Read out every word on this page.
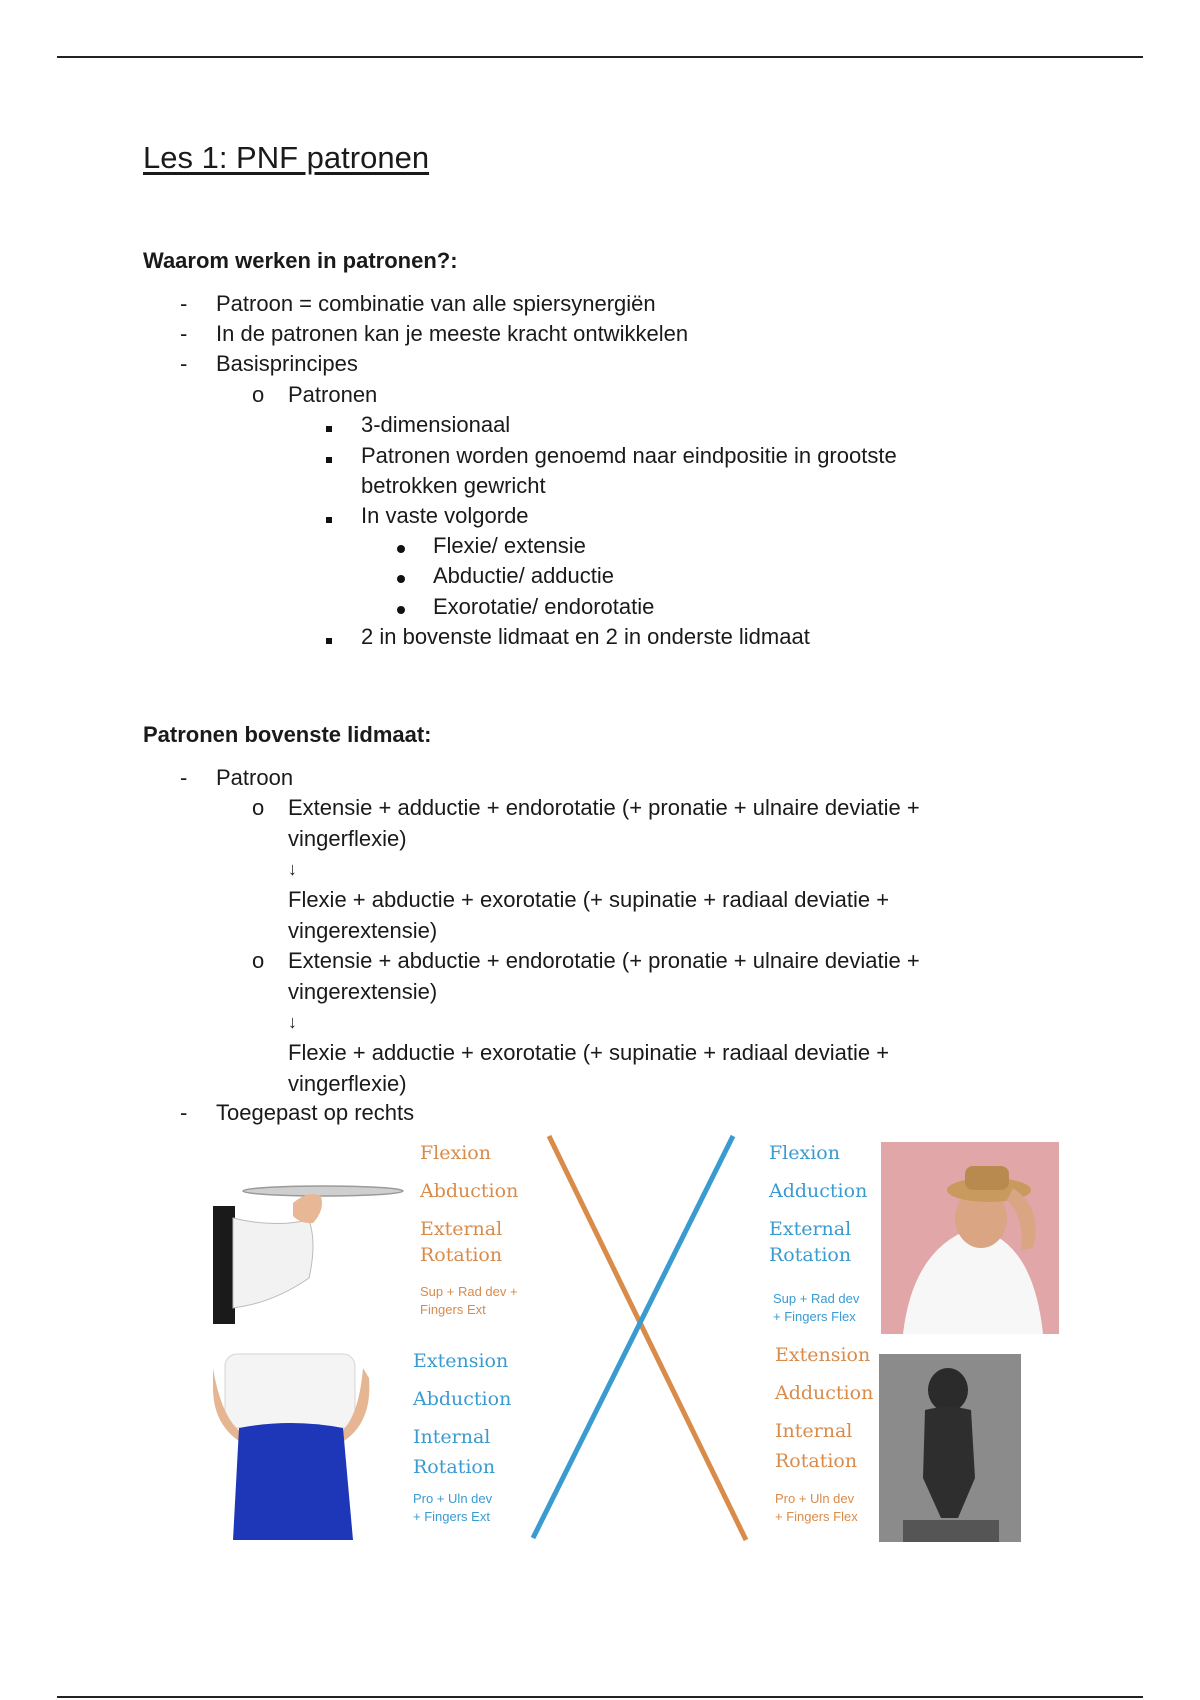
Les 1: PNF patronen
Waarom werken in patronen?:
- Patroon = combinatie van alle spiersynergiën
- In de patronen kan je meeste kracht ontwikkelen
- Basisprincipes
o Patronen
3-dimensionaal
Patronen worden genoemd naar eindpositie in grootste
betrokken gewricht
In vaste volgorde
Flexie/ extensie
Abductie/ adductie
Exorotatie/ endorotatie
2 in bovenste lidmaat en 2 in onderste lidmaat
Patronen bovenste lidmaat:
- Patroon
o Extensie + adductie + endorotatie (+ pronatie + ulnaire deviatie +
vingerflexie)
↓
Flexie + abductie + exorotatie (+ supinatie + radiaal deviatie +
vingerextensie)
o Extensie + abductie + endorotatie (+ pronatie + ulnaire deviatie +
vingerextensie)
↓
Flexie + adductie + exorotatie (+ supinatie + radiaal deviatie +
vingerflexie)
- Toegepast op rechts
Flexion
Abduction
External
Rotation
Sup + Rad dev +
Fingers Ext
Flexion
Adduction
External
Rotation
Sup + Rad dev
+ Fingers Flex
Extension
Abduction
Internal
Rotation
Pro + Uln dev
+ Fingers Ext
Extension
Adduction
Internal
Rotation
Pro + Uln dev
+ Fingers Flex
